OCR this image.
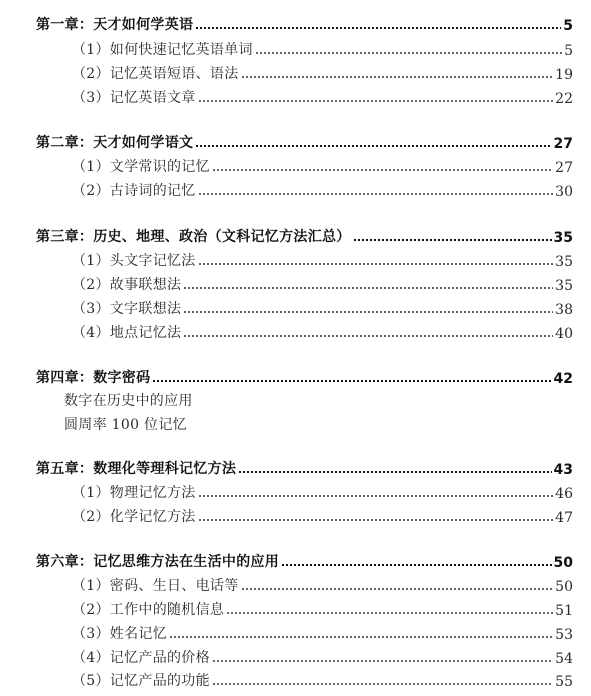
第一章：天才如何学英语	5
（1）如何快速记忆英语单词	5
（2）记忆英语短语、语法	19
（3）记忆英语文章	22
第二章：天才如何学语文	27
（1）文学常识的记忆	27
（2）古诗词的记忆	30
第三章：历史、地理、政治（文科记忆方法汇总）	35
（1）头文字记忆法	35
（2）故事联想法	35
（3）文字联想法	38
（4）地点记忆法	40
第四章：数字密码	42
数字在历史中的应用
圆周率 100 位记忆
第五章：数理化等理科记忆方法	43
（1）物理记忆方法	46
（2）化学记忆方法	47
第六章：记忆思维方法在生活中的应用	50
（1）密码、生日、电话等	50
（2）工作中的随机信息	51
（3）姓名记忆	53
（4）记忆产品的价格	54
（5）记忆产品的功能	55
